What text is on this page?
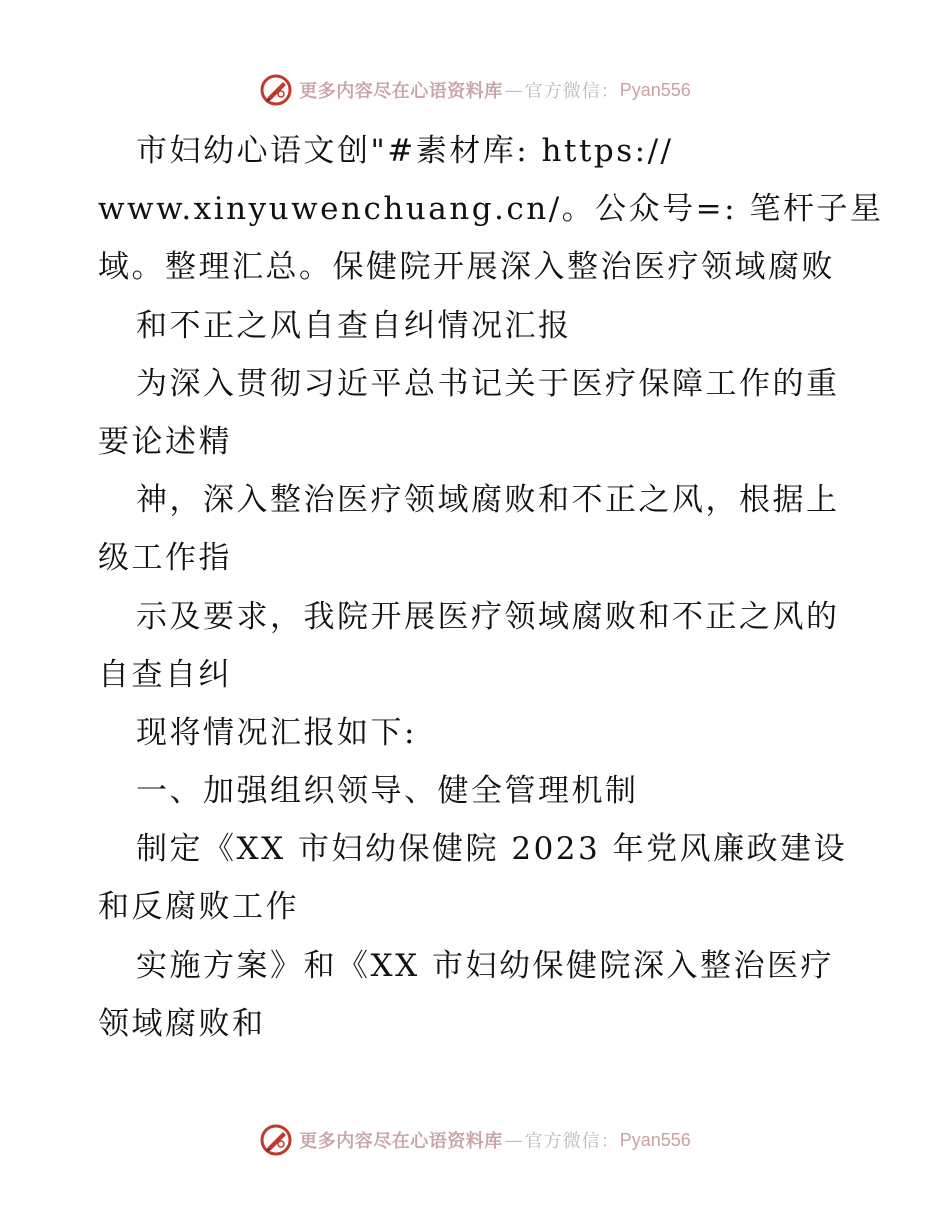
更多内容尽在心语资料库 — 官方微信： Pyan556
市妇幼心语文创"#素材库: https://
www.xinyuwenchuang.cn/。公众号=: 笔杆子星
域。整理汇总。保健院开展深入整治医疗领域腐败
和不正之风自查自纠情况汇报
为深入贯彻习近平总书记关于医疗保障工作的重
要论述精
神，深入整治医疗领域腐败和不正之风，根据上
级工作指
示及要求，我院开展医疗领域腐败和不正之风的
自查自纠
现将情况汇报如下:
一、加强组织领导、健全管理机制
制定《XX 市妇幼保健院 2023 年党风廉政建设
和反腐败工作
实施方案》和《XX 市妇幼保健院深入整治医疗
领域腐败和
更多内容尽在心语资料库 — 官方微信： Pyan556
